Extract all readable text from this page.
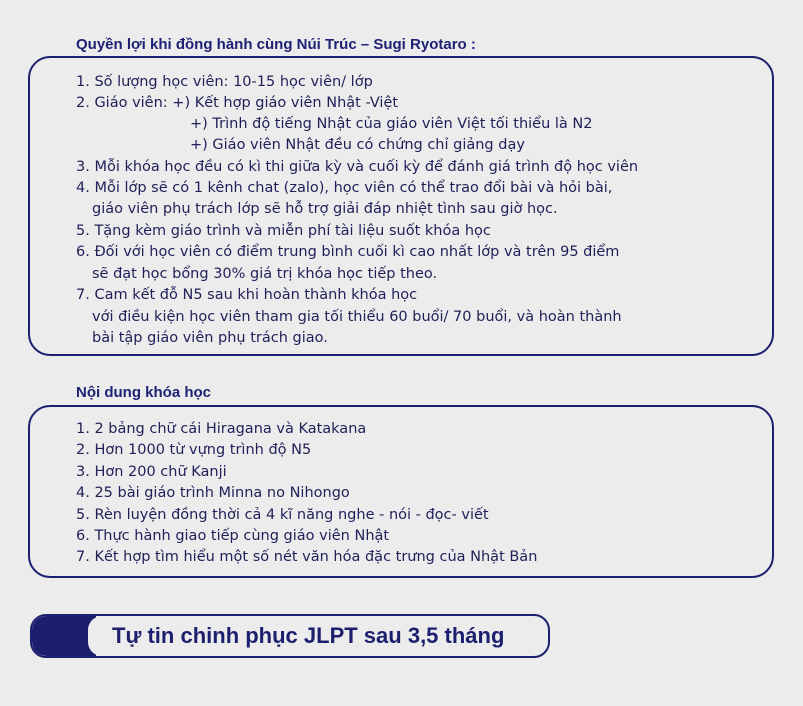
Quyền lợi khi đồng hành cùng Núi Trúc – Sugi Ryotaro :
1. Số lượng học viên: 10-15 học viên/ lớp
2. Giáo viên: +) Kết hợp giáo viên Nhật -Việt
+) Trình độ tiếng Nhật của giáo viên Việt tối thiểu là N2
+) Giáo viên Nhật đều có chứng chỉ giảng dạy
3. Mỗi khóa học đều có kì thi giữa kỳ và cuối kỳ để đánh giá trình độ học viên
4. Mỗi lớp sẽ có 1 kênh chat (zalo), học viên có thể trao đổi bài và hỏi bài,
giáo viên phụ trách lớp sẽ hỗ trợ giải đáp nhiệt tình sau giờ học.
5. Tặng kèm giáo trình và miễn phí tài liệu suốt khóa học
6. Đối với học viên có điểm trung bình cuối kì cao nhất lớp và trên 95 điểm
sẽ đạt học bổng 30% giá trị khóa học tiếp theo.
7. Cam kết đỗ N5 sau khi hoàn thành khóa học
với điều kiện học viên tham gia tối thiểu 60 buổi/ 70 buổi, và hoàn thành
bài tập giáo viên phụ trách giao.
Nội dung khóa học
1. 2 bảng chữ cái Hiragana và Katakana
2. Hơn 1000 từ vựng trình độ N5
3. Hơn 200 chữ Kanji
4. 25 bài giáo trình Minna no Nihongo
5. Rèn luyện đồng thời cả 4 kĩ năng nghe - nói - đọc- viết
6. Thực hành giao tiếp cùng giáo viên Nhật
7. Kết hợp tìm hiểu một số nét văn hóa đặc trưng của Nhật Bản
Tự tin chinh phục JLPT sau 3,5 tháng
